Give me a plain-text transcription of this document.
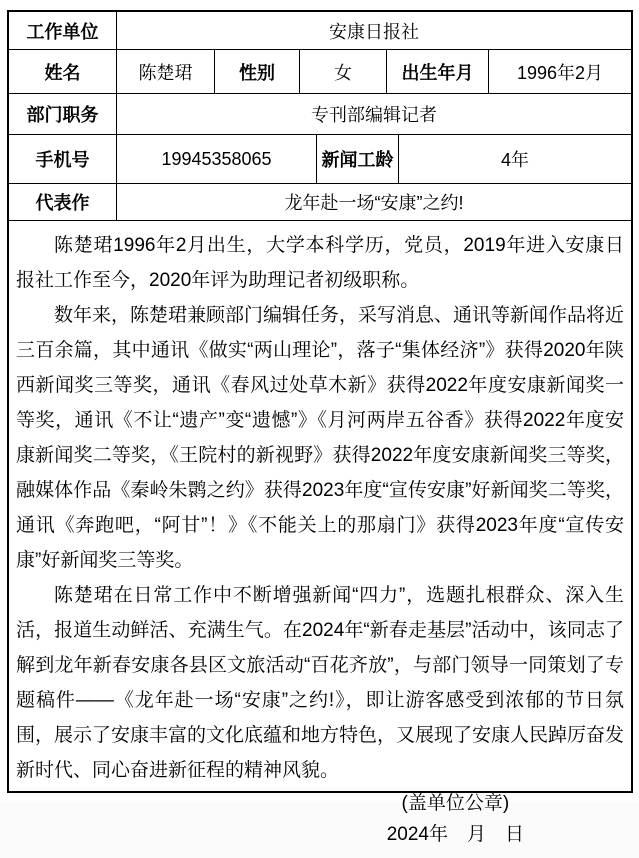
工作单位	安康日报社
姓名	陈楚珺	性别	女	出生年月	1996年2月
部门职务	专刊部编辑记者
手机号	19945358065	新闻工龄	4年
代表作	龙年赴一场“安康”之约!

陈楚珺1996年2月出生，大学本科学历，党员，2019年进入安康日报社工作至今，2020年评为助理记者初级职称。

数年来，陈楚珺兼顾部门编辑任务，采写消息、通讯等新闻作品将近三百余篇，其中通讯《做实“两山理论”，落子“集体经济”》获得2020年陕西新闻奖三等奖，通讯《春风过处草木新》获得2022年度安康新闻奖一等奖，通讯《不让“遗产”变“遗憾”》《月河两岸五谷香》获得2022年度安康新闻奖二等奖，《王院村的新视野》获得2022年度安康新闻奖三等奖，融媒体作品《秦岭朱鹮之约》获得2023年度“宣传安康”好新闻奖二等奖，通讯《奔跑吧，“阿甘”！》《不能关上的那扇门》获得2023年度“宣传安康”好新闻奖三等奖。

陈楚珺在日常工作中不断增强新闻“四力”，选题扎根群众、深入生活，报道生动鲜活、充满生气。在2024年“新春走基层”活动中，该同志了解到龙年新春安康各县区文旅活动“百花齐放”，与部门领导一同策划了专题稿件——《龙年赴一场“安康”之约!》，即让游客感受到浓郁的节日氛围，展示了安康丰富的文化底蕴和地方特色，又展现了安康人民踔厉奋发新时代、同心奋进新征程的精神风貌。

(盖单位公章)
2024年　月　日
